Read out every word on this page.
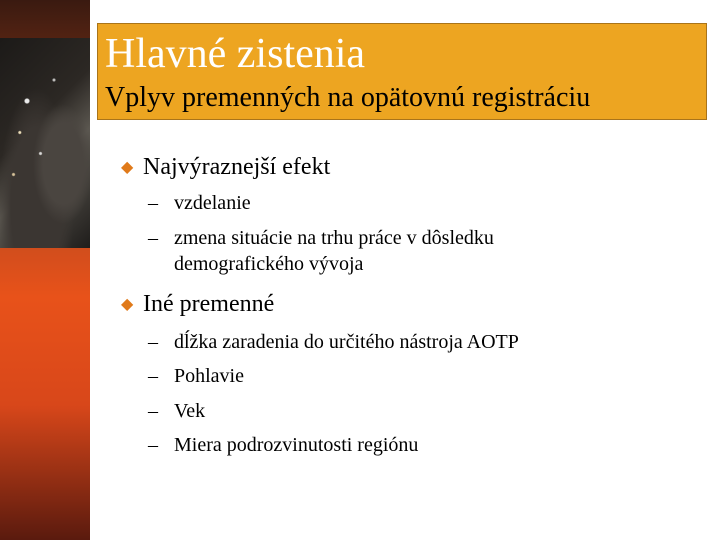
Hlavné zistenia
Vplyv premenných na opätovnú registráciu
◆ Najvýraznejší efekt
– vzdelanie
– zmena situácie na trhu práce v dôsledku
demografického vývoja
◆ Iné premenné
– dĺžka zaradenia do určitého nástroja AOTP
– Pohlavie
– Vek
– Miera podrozvinutosti regiónu
